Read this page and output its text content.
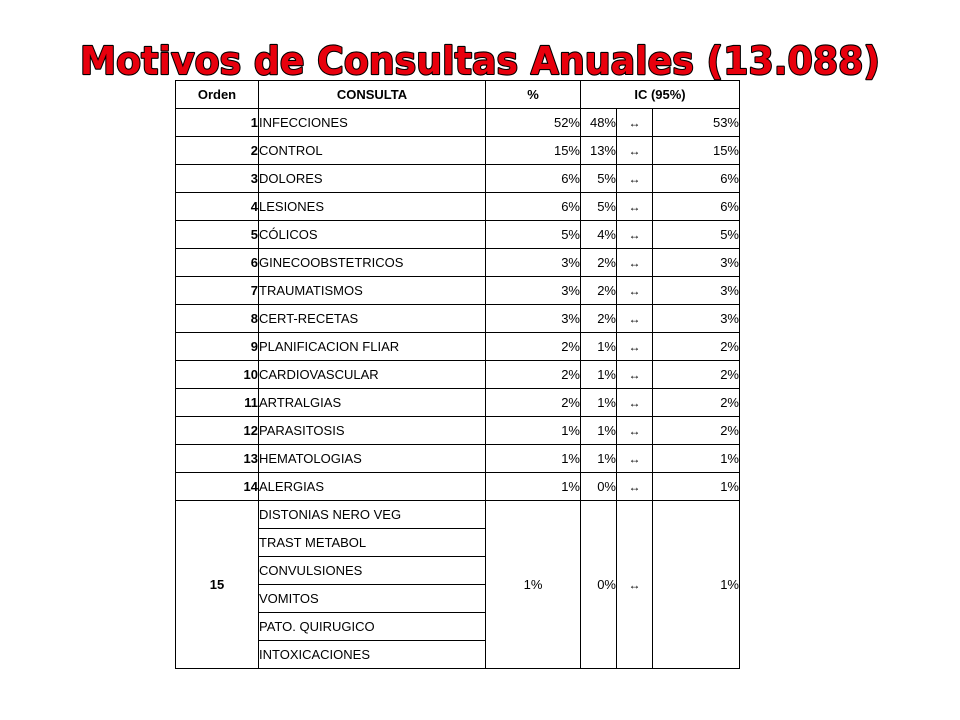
Motivos de Consultas Anuales (13.088)
Orden	CONSULTA	%	IC (95%)		
1	INFECCIONES	52%	48%	↔	53%
2	CONTROL	15%	13%	↔	15%
3	DOLORES	6%	5%	↔	6%
4	LESIONES	6%	5%	↔	6%
5	CÓLICOS	5%	4%	↔	5%
6	GINECOOBSTETRICOS	3%	2%	↔	3%
7	TRAUMATISMOS	3%	2%	↔	3%
8	CERT-RECETAS	3%	2%	↔	3%
9	PLANIFICACION FLIAR	2%	1%	↔	2%
10	CARDIOVASCULAR	2%	1%	↔	2%
11	ARTRALGIAS	2%	1%	↔	2%
12	PARASITOSIS	1%	1%	↔	2%
13	HEMATOLOGIAS	1%	1%	↔	1%
14	ALERGIAS	1%	0%	↔	1%
15	DISTONIAS NERO VEG	1%	0%	↔	1%
	TRAST METABOL				
	CONVULSIONES				
	VOMITOS				
	PATO. QUIRUGICO				
	INTOXICACIONES				
